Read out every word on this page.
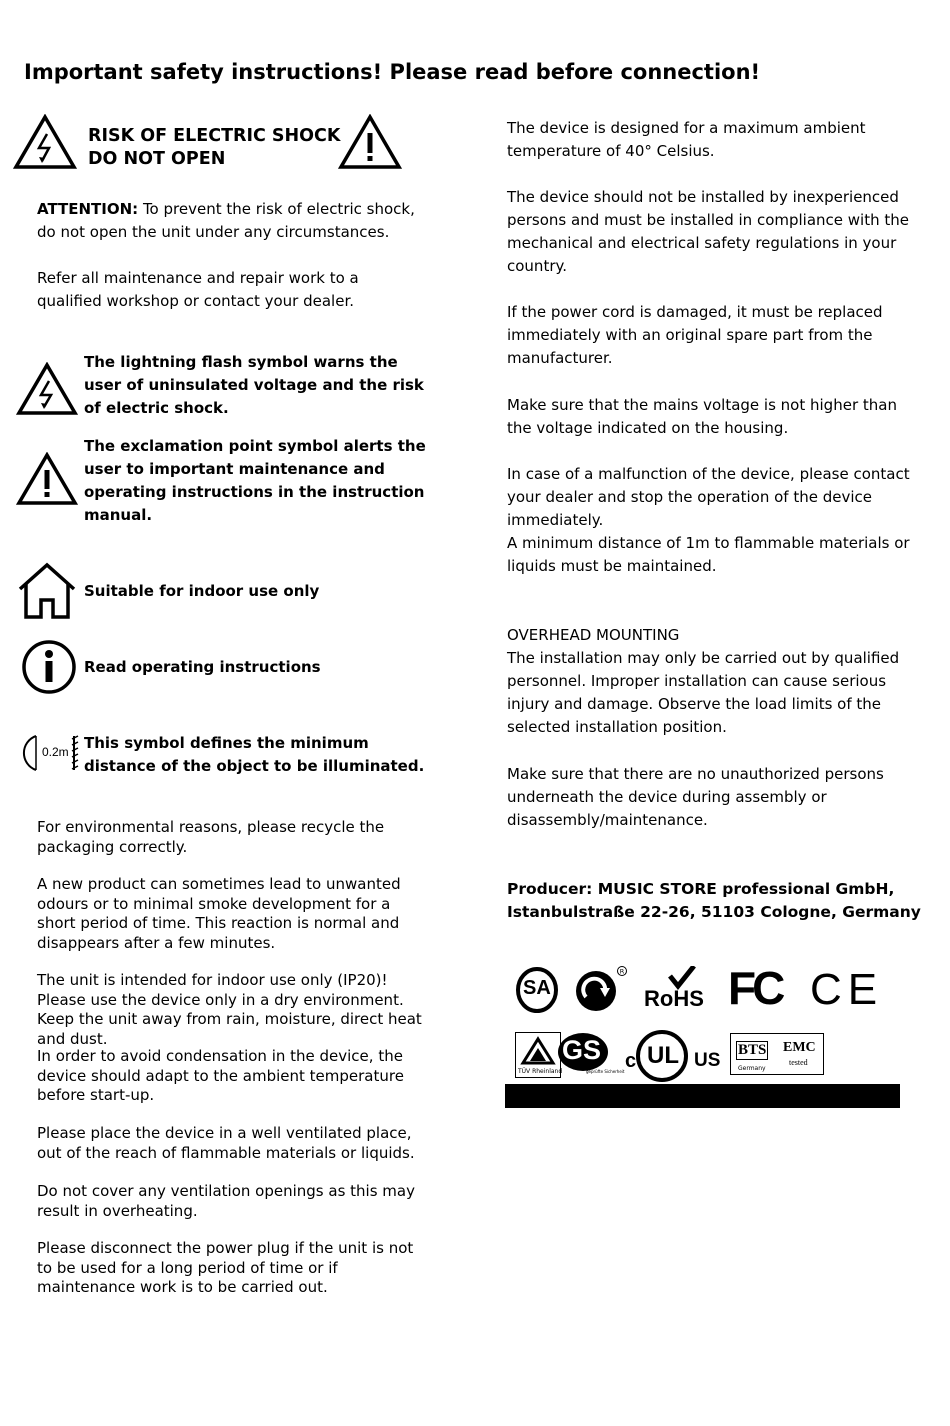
Important safety instructions! Please read before connection!
RISK OF ELECTRIC SHOCK
DO NOT OPEN
ATTENTION: To prevent the risk of electric shock, do not open the unit under any circumstances.
Refer all maintenance and repair work to a qualified workshop or contact your dealer.
The lightning flash symbol warns the user of uninsulated voltage and the risk of electric shock.
The exclamation point symbol alerts the user to important maintenance and operating instructions in the instruction manual.
Suitable for indoor use only
Read operating instructions
0.2m This symbol defines the minimum distance of the object to be illuminated.
For environmental reasons, please recycle the packaging correctly.
A new product can sometimes lead to unwanted odours or to minimal smoke development for a short period of time. This reaction is normal and disappears after a few minutes.
The unit is intended for indoor use only (IP20)! Please use the device only in a dry environment. Keep the unit away from rain, moisture, direct heat and dust.
In order to avoid condensation in the device, the device should adapt to the ambient temperature before start-up.
Please place the device in a well ventilated place, out of the reach of flammable materials or liquids.
Do not cover any ventilation openings as this may result in overheating.
Please disconnect the power plug if the unit is not to be used for a long period of time or if maintenance work is to be carried out.
The device is designed for a maximum ambient temperature of 40° Celsius.
The device should not be installed by inexperienced persons and must be installed in compliance with the mechanical and electrical safety regulations in your country.
If the power cord is damaged, it must be replaced immediately with an original spare part from the manufacturer.
Make sure that the mains voltage is not higher than the voltage indicated on the housing.
In case of a malfunction of the device, please contact your dealer and stop the operation of the device immediately.
A minimum distance of 1m to flammable materials or liquids must be maintained.
OVERHEAD MOUNTING
The installation may only be carried out by qualified personnel. Improper installation can cause serious injury and damage. Observe the load limits of the selected installation position.
Make sure that there are no unauthorized persons underneath the device during assembly or disassembly/maintenance.
Producer: MUSIC STORE professional GmbH,
Istanbulstraße 22-26, 51103 Cologne, Germany
SA
R
RoHS FC CE
TÜV Rheinland
GS
geprüfte Sicherheit c UL US BTS
Germany
EMC
tested
